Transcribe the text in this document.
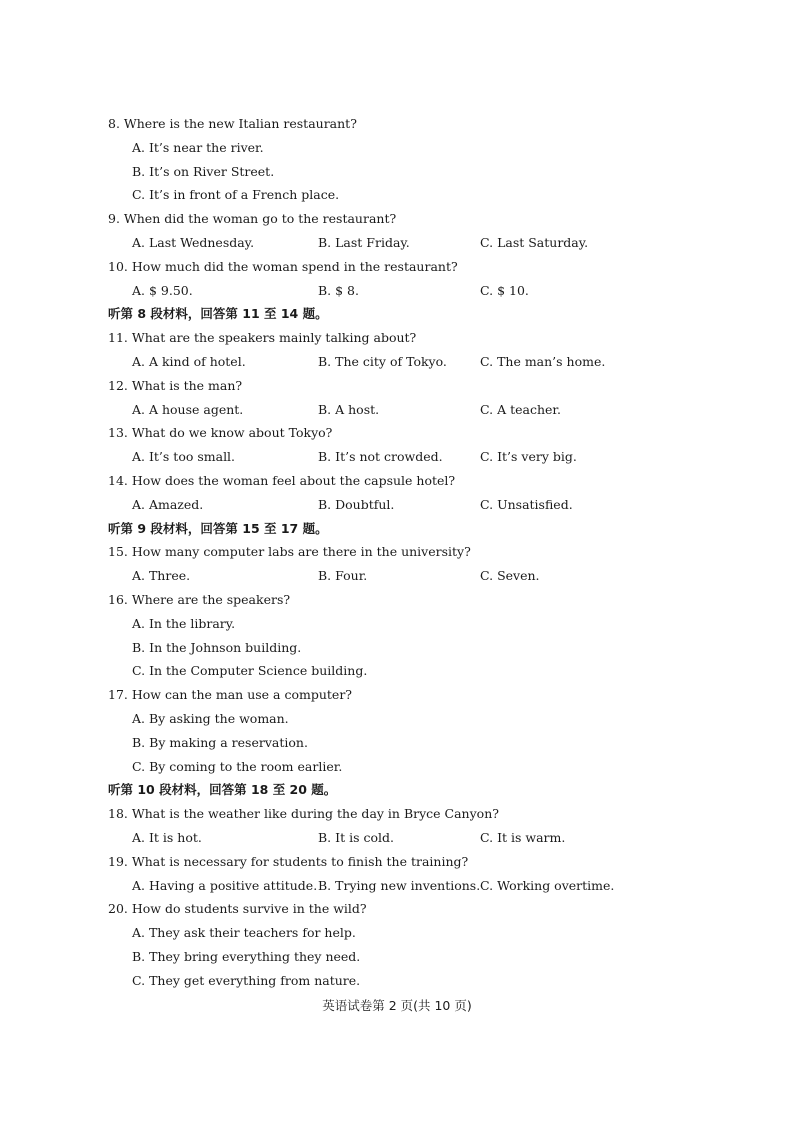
8. Where is the new Italian restaurant?
A. It’s near the river.
B. It’s on River Street.
C. It’s in front of a French place.
9. When did the woman go to the restaurant?
A. Last Wednesday.	B. Last Friday.	C. Last Saturday.
10. How much did the woman spend in the restaurant?
A. $ 9.50.	B. $ 8.	C. $ 10.
听第 8 段材料，回答第 11 至 14 题。
11. What are the speakers mainly talking about?
A. A kind of hotel.	B. The city of Tokyo.	C. The man’s home.
12. What is the man?
A. A house agent.	B. A host.	C. A teacher.
13. What do we know about Tokyo?
A. It’s too small.	B. It’s not crowded.	C. It’s very big.
14. How does the woman feel about the capsule hotel?
A. Amazed.	B. Doubtful.	C. Unsatisfied.
听第 9 段材料，回答第 15 至 17 题。
15. How many computer labs are there in the university?
A. Three.	B. Four.	C. Seven.
16. Where are the speakers?
A. In the library.
B. In the Johnson building.
C. In the Computer Science building.
17. How can the man use a computer?
A. By asking the woman.
B. By making a reservation.
C. By coming to the room earlier.
听第 10 段材料，回答第 18 至 20 题。
18. What is the weather like during the day in Bryce Canyon?
A. It is hot.	B. It is cold.	C. It is warm.
19. What is necessary for students to finish the training?
A. Having a positive attitude. B. Trying new inventions. C. Working overtime.
20. How do students survive in the wild?
A. They ask their teachers for help.
B. They bring everything they need.
C. They get everything from nature.
英语试卷第 2 页(共 10 页)
